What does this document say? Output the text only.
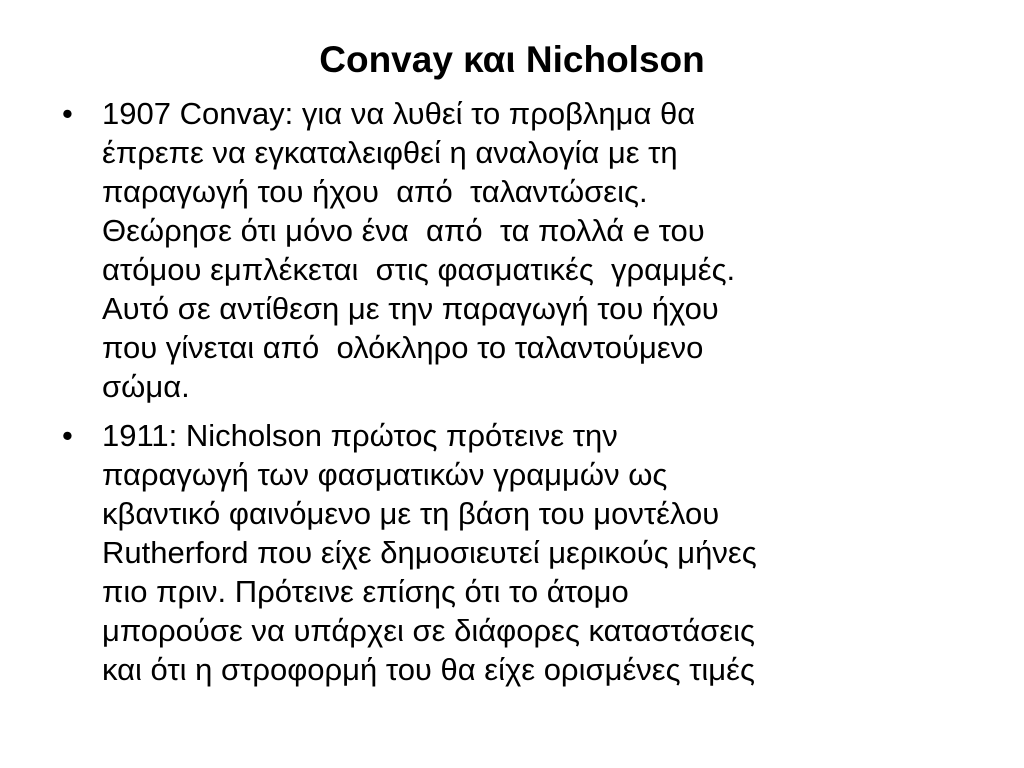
Convay και Nicholson
• 1907 Convay: για να λυθεί το προβλημα θα
έπρεπε να εγκαταλειφθεί η αναλογία με τη
παραγωγή του ήχου  από  ταλαντώσεις.
Θεώρησε ότι μόνο ένα  από  τα πολλά e του
ατόμου εμπλέκεται  στις φασματικές  γραμμές.
Αυτό σε αντίθεση με την παραγωγή του ήχου
που γίνεται από  ολόκληρο το ταλαντούμενο
σώμα.
• 1911: Nicholson πρώτος πρότεινε την
παραγωγή των φασματικών γραμμών ως
κβαντικό φαινόμενο με τη βάση του μοντέλου
Rutherford που είχε δημοσιευτεί μερικούς μήνες
πιο πριν. Πρότεινε επίσης ότι το άτομο
μπορούσε να υπάρχει σε διάφορες καταστάσεις
και ότι η στροφορμή του θα είχε ορισμένες τιμές
